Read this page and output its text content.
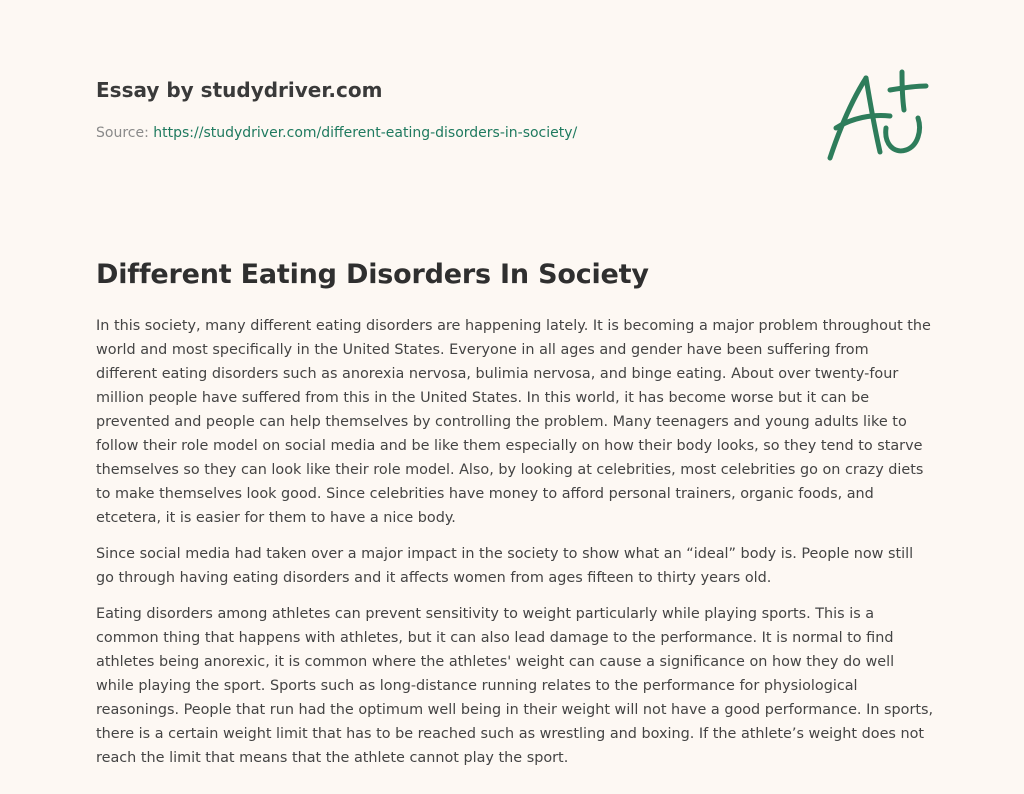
Essay by studydriver.com
Source: https://studydriver.com/different-eating-disorders-in-society/
Different Eating Disorders In Society

In this society, many different eating disorders are happening lately. It is becoming a major problem throughout the world and most specifically in the United States. Everyone in all ages and gender have been suffering from different eating disorders such as anorexia nervosa, bulimia nervosa, and binge eating. About over twenty-four million people have suffered from this in the United States. In this world, it has become worse but it can be prevented and people can help themselves by controlling the problem. Many teenagers and young adults like to follow their role model on social media and be like them especially on how their body looks, so they tend to starve themselves so they can look like their role model. Also, by looking at celebrities, most celebrities go on crazy diets to make themselves look good. Since celebrities have money to afford personal trainers, organic foods, and etcetera, it is easier for them to have a nice body.

Since social media had taken over a major impact in the society to show what an “ideal” body is. People now still go through having eating disorders and it affects women from ages fifteen to thirty years old.

Eating disorders among athletes can prevent sensitivity to weight particularly while playing sports. This is a common thing that happens with athletes, but it can also lead damage to the performance. It is normal to find athletes being anorexic, it is common where the athletes' weight can cause a significance on how they do well while playing the sport. Sports such as long-distance running relates to the performance for physiological reasonings. People that run had the optimum well being in their weight will not have a good performance. In sports, there is a certain weight limit that has to be reached such as wrestling and boxing. If the athlete’s weight does not reach the limit that means that the athlete cannot play the sport.
